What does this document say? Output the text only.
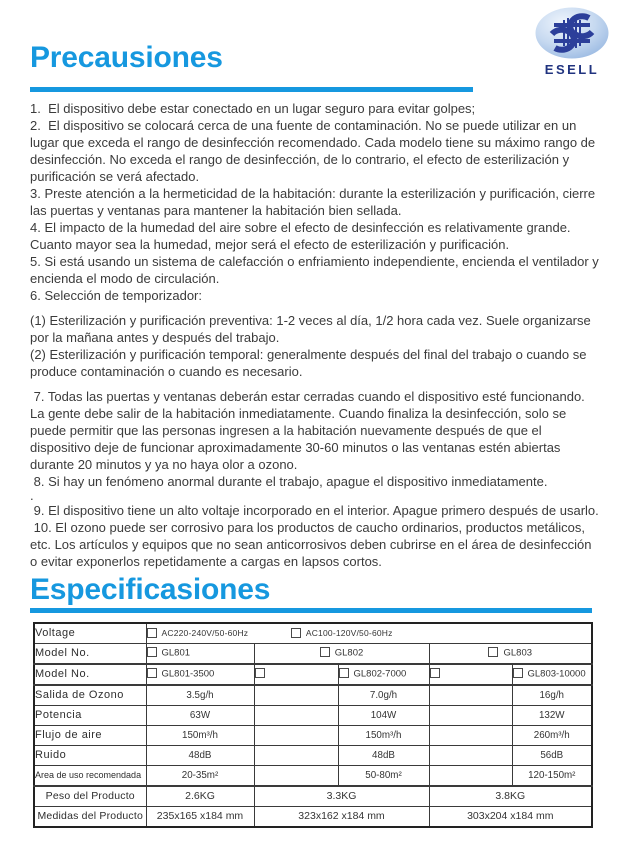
ESELL
Precausiones

1.  El dispositivo debe estar conectado en un lugar seguro para evitar golpes;

2.  El dispositivo se colocará cerca de una fuente de contaminación. No se puede utilizar en un lugar que exceda el rango de desinfección recomendado. Cada modelo tiene su máximo rango de desinfección. No exceda el rango de desinfección, de lo contrario, el efecto de esterilización y purificación se verá afectado.

3. Preste atención a la hermeticidad de la habitación: durante la esterilización y purificación, cierre las puertas y ventanas para mantener la habitación bien sellada.

4. El impacto de la humedad del aire sobre el efecto de desinfección es relativamente grande. Cuanto mayor sea la humedad, mejor será el efecto de esterilización y purificación.

5. Si está usando un sistema de calefacción o enfriamiento independiente, encienda el ventilador y encienda el modo de circulación.

6. Selección de temporizador:

(1) Esterilización y purificación preventiva: 1-2 veces al día, 1/2 hora cada vez. Suele organizarse por la mañana antes y después del trabajo.

(2) Esterilización y purificación temporal: generalmente después del final del trabajo o cuando se produce contaminación o cuando es necesario.

7. Todas las puertas y ventanas deberán estar cerradas cuando el dispositivo esté funcionando. La gente debe salir de la habitación inmediatamente. Cuando finaliza la desinfección, solo se puede permitir que las personas ingresen a la habitación nuevamente después de que el dispositivo deje de funcionar aproximadamente 30-60 minutos o las ventanas estén abiertas durante 20 minutos y ya no haya olor a ozono.

8. Si hay un fenómeno anormal durante el trabajo, apague el dispositivo inmediatamente.

.

9. El dispositivo tiene un alto voltaje incorporado en el interior. Apague primero después de usarlo.

10. El ozono puede ser corrosivo para los productos de caucho ordinarios, productos metálicos, etc. Los artículos y equipos que no sean anticorrosivos deben cubrirse en el área de desinfección o evitar exponerlos repetidamente a cargas en lapsos cortos.

Especificasiones
Voltage	AC220-240V/50-60Hz AC100-120V/50-60Hz				
Model No.	GL801	GL802		GL803	
Model No.	GL801-3500		GL802-7000		GL803-10000
Salida de Ozono	3.5g/h		7.0g/h		16g/h
Potencia	63W		104W		132W
Flujo de aire	150m³/h		150m³/h		260m³/h
Ruido	48dB		48dB		56dB
Area de uso recomendada	20-35m²		50-80m²		120-150m²
Peso del Producto	2.6KG	3.3KG		3.8KG	
Medidas del Producto	235x165 x184 mm	323x162 x184 mm		303x204 x184 mm	
